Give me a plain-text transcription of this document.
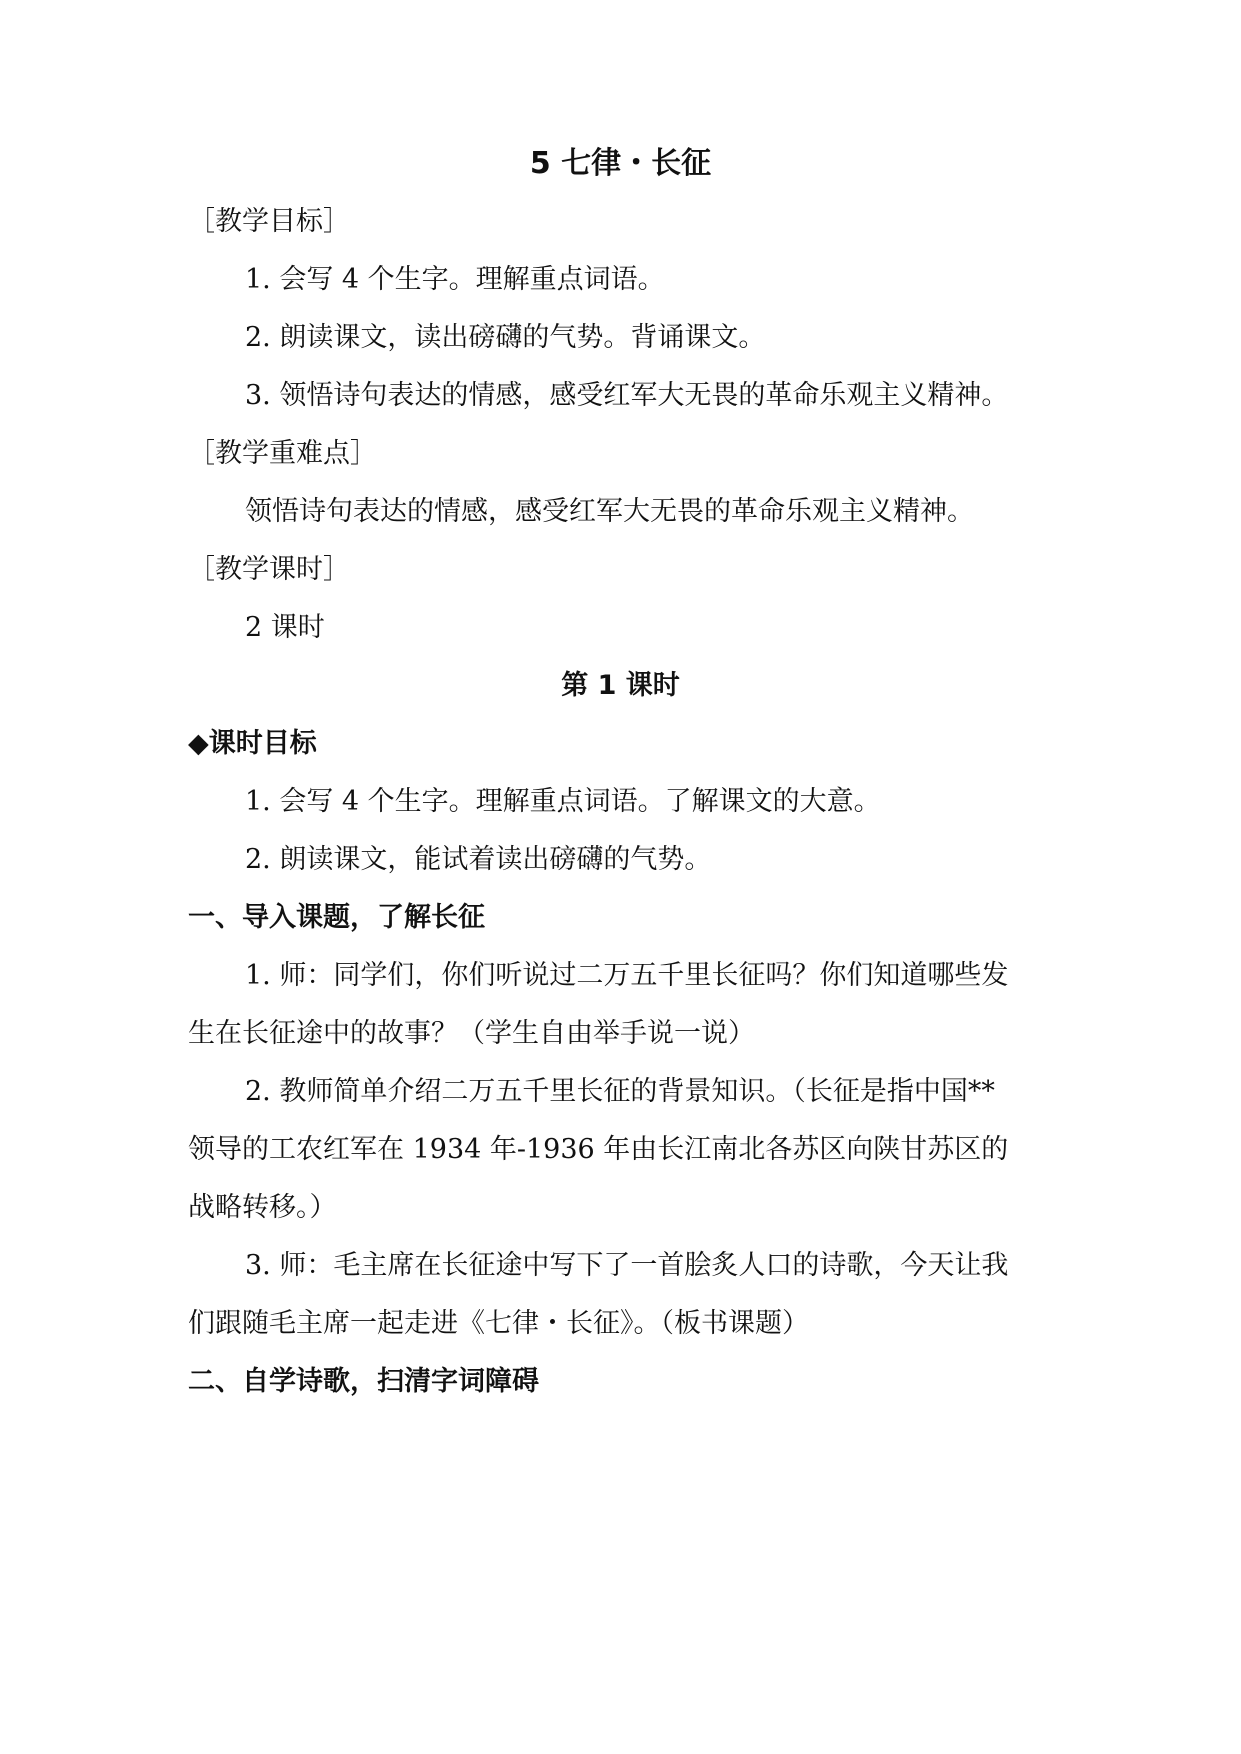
5 七律・长征
［教学目标］
1. 会写 4 个生字。理解重点词语。
2. 朗读课文，读出磅礴的气势。背诵课文。
3. 领悟诗句表达的情感，感受红军大无畏的革命乐观主义精神。
［教学重难点］
领悟诗句表达的情感，感受红军大无畏的革命乐观主义精神。
［教学课时］
2 课时
第 1 课时
◆课时目标
1. 会写 4 个生字。理解重点词语。了解课文的大意。
2. 朗读课文，能试着读出磅礴的气势。
一、导入课题，了解长征
1. 师：同学们，你们听说过二万五千里长征吗？你们知道哪些发
生在长征途中的故事？（学生自由举手说一说）
2. 教师简单介绍二万五千里长征的背景知识。（长征是指中国**
领导的工农红军在 1934 年-1936 年由长江南北各苏区向陕甘苏区的
战略转移。）
3. 师：毛主席在长征途中写下了一首脍炙人口的诗歌，今天让我
们跟随毛主席一起走进《七律・长征》。（板书课题）
二、自学诗歌，扫清字词障碍
